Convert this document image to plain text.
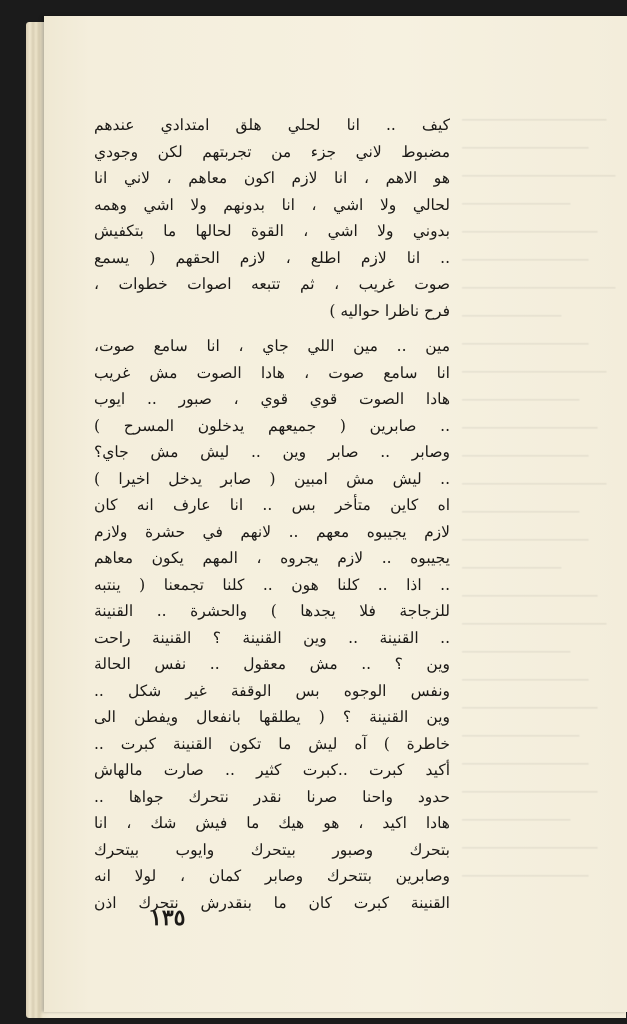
────────────────
──────────────
─────────────────
────────────
───────────────
──────────────
─────────────────
───────────
──────────────
────────────────
─────────────
───────────────
──────────────
────────────────
─────────────
──────────────
───────────
───────────────
────────────────
────────────
──────────────
───────────────
─────────────
──────────────
───────────────
────────────
───────────────
──────────────
كيف .. انا لحلي هلق امتدادي عندهم
مضبوط لاني جزء من تجربتهم لكن وجودي
هو الاهم ، انا لازم اكون معاهم ، لاني انا
لحالي ولا اشي ، انا بدونهم ولا اشي وهمه
بدوني ولا اشي ، القوة لحالها ما بتكفيش
.. انا لازم اطلع ، لازم الحقهم ( يسمع
صوت غريب ، ثم تتبعه اصوات خطوات ،
فرح ناظرا حواليه )
مين .. مين اللي جاي ، انا سامع صوت،
انا سامع صوت ، هادا الصوت مش غريب
هادا الصوت قوي قوي ، صبور .. ايوب
.. صابرين ( جميعهم يدخلون المسرح )
وصابر .. صابر وين .. ليش مش جاي؟
.. ليش مش امبين ( صابر يدخل اخيرا )
اه كاين متأخر بس .. انا عارف انه كان
لازم يجيبوه معهم .. لانهم في حشرة ولازم
يجيبوه .. لازم يجروه ، المهم يكون معاهم
.. اذا .. كلنا هون .. كلنا تجمعنا ( ينتبه
للزجاجة فلا يجدها ) والحشرة .. القنينة
.. القنينة .. وين القنينة ؟ القنينة راحت
وين ؟ .. مش معقول .. نفس الحالة
ونفس الوجوه بس الوقفة غير شكل ..
وين القنينة ؟ ( يطلقها بانفعال ويفطن الى
خاطرة ) آه ليش ما تكون القنينة كبرت ..
أكيد كبرت ..كبرت كثير .. صارت مالهاش
حدود واحنا صرنا نقدر نتحرك جواها ..
هادا اكيد ، هو هيك ما فيش شك ، انا
بتحرك وصبور بيتحرك وايوب بيتحرك
وصابرين بتتحرك وصابر كمان ، لولا انه
القنينة كبرت كان ما بنقدرش نتحرك اذن
١٣٥
